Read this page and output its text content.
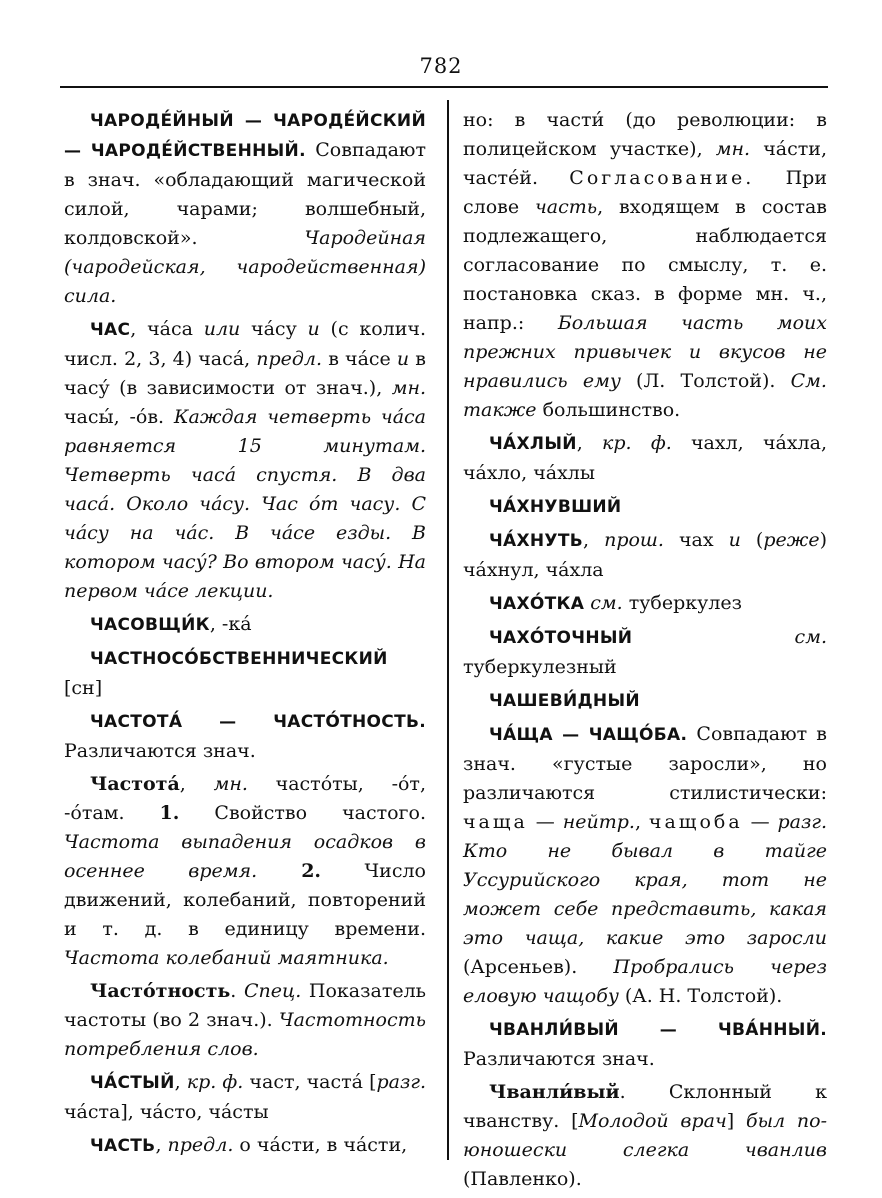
782

ЧАРОДЕ́ЙНЫЙ — ЧАРОДЕ́ЙСКИЙ — ЧАРОДЕ́ЙСТВЕННЫЙ. Совпадают в знач. «обладающий магической силой, чарами; волшебный, колдовской». Чародейная (чародейская, чародейственная) сила.

ЧАС, ча́са или ча́су и (с колич. числ. 2, 3, 4) часа́, предл. в ча́се и в часу́ (в зависимости от знач.), мн. часы́, -о́в. Каждая четверть ча́са равняется 15 минутам. Четверть часа́ спустя. В два часа́. Около ча́су. Час о́т часу. С ча́су на ча́с. В ча́се езды. В котором часу́? Во втором часу́. На первом ча́се лекции.

ЧАСОВЩИ́К, -ка́

ЧАСТНОСО́БСТВЕННИЧЕСКИЙ [сн]

ЧАСТОТА́ — ЧАСТО́ТНОСТЬ. Различаются знач.

Частота́, мн. часто́ты, -о́т, -о́там. 1. Свойство частого. Частота выпадения осадков в осеннее время. 2. Число движений, колебаний, повторений и т. д. в единицу времени. Частота колебаний маятника.

Часто́тность. Спец. Показатель частоты (во 2 знач.). Частотность потребления слов.

ЧА́СТЫЙ, кр. ф. част, часта́ [разг. ча́ста], ча́сто, ча́сты

ЧАСТЬ, предл. о ча́сти, в ча́сти,

но: в части́ (до революции: в полицейском участке), мн. ча́сти, часте́й. Согласование. При слове часть, входящем в состав подлежащего, наблюдается согласование по смыслу, т. е. постановка сказ. в форме мн. ч., напр.: Большая часть моих прежних привычек и вкусов не нравились ему (Л. Толстой). См. также большинство.

ЧА́ХЛЫЙ, кр. ф. чахл, ча́хла, ча́хло, ча́хлы

ЧА́ХНУВШИЙ

ЧА́ХНУТЬ, прош. чах и (реже) ча́хнул, ча́хла

ЧАХО́ТКА см. туберкулез

ЧАХО́ТОЧНЫЙ см. туберкулезный

ЧАШЕВИ́ДНЫЙ

ЧА́ЩА — ЧАЩО́БА. Совпадают в знач. «густые заросли», но различаются стилистически: чаща — нейтр., чащоба — разг. Кто не бывал в тайге Уссурийского края, тот не может себе представить, какая это чаща, какие это заросли (Арсеньев). Пробрались через еловую чащобу (А. Н. Толстой).

ЧВАНЛИ́ВЫЙ — ЧВА́ННЫЙ. Различаются знач.

Чванли́вый. Склонный к чванству. [Молодой врач] был по-юношески слегка чванлив (Павленко).
